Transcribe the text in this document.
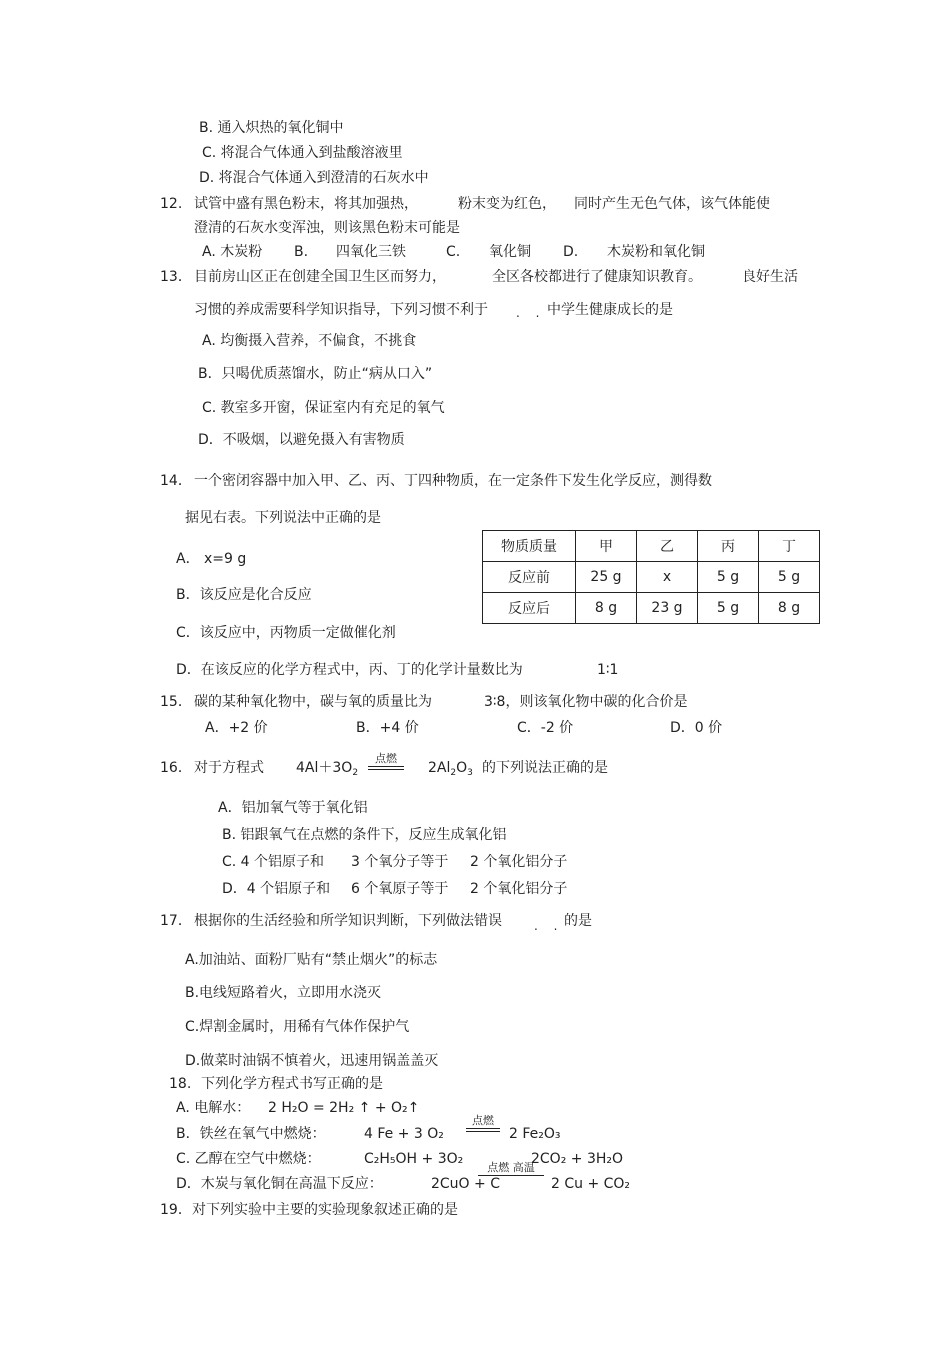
B. 通入炽热的氧化铜中
C. 将混合气体通入到盐酸溶液里
D. 将混合气体通入到澄清的石灰水中
12. 试管中盛有黑色粉末，将其加强热，	粉末变为红色， 同时产生无色气体，该气体能使
澄清的石灰水变浑浊，则该黑色粉末可能是
A. 木炭粉 B. 四氧化三铁	C. 氧化铜 D. 木炭粉和氧化铜
13． 目前房山区正在创建全国卫生区而努力，	全区各校都进行了健康知识教育。	良好生活
习惯的养成需要科学知识指导，下列习惯不利于 . . 中学生健康成长的是
A. 均衡摄入营养，不偏食，不挑食
B．只喝优质蒸馏水，防止“病从口入”
C. 教室多开窗，保证室内有充足的氧气
D．不吸烟，以避免摄入有害物质
14． 一个密闭容器中加入甲、乙、丙、丁四种物质，在一定条件下发生化学反应，测得数
据见右表。下列说法中正确的是
A． x=9 g
B．该反应是化合反应
C．该反应中，丙物质一定做催化剂
D．在该反应的化学方程式中，丙、丁的化学计量数比为	1∶1
物质质量	甲	乙	丙	丁
反应前	25 g	x	5 g	5 g
反应后	8 g	23 g	5 g	8 g
15． 碳的某种氧化物中，碳与氧的质量比为	3∶8，则该氧化物中碳的化合价是
A．+2 价	B．+4 价	C．-2 价	D．0 价
16． 对于方程式 $4Al+3O_2$
点燃
$2Al_2O_3$ 的下列说法正确的是
A．铝加氧气等于氧化铝
B. 铝跟氧气在点燃的条件下，反应生成氧化铝
C. 4 个铝原子和 3 个氧分子等于 2 个氧化铝分子
D．4 个铝原子和 6 个氧原子等于 2 个氧化铝分子
17． 根据你的生活经验和所学知识判断，下列做法错误	. . 的是
A.加油站、面粉厂贴有“禁止烟火”的标志
B.电线短路着火，立即用水浇灭
C.焊割金属时，用稀有气体作保护气
D.做菜时油锅不慎着火，迅速用锅盖盖灭
18. 下列化学方程式书写正确的是
A. 电解水： 2 H₂O = 2H₂ ↑ + O₂↑
B．铁丝在氧气中燃烧：	4 Fe + 3 O₂
点燃
2 Fe₂O₃
C. 乙醇在空气中燃烧：	C₂H₅OH + 3O₂	2CO₂ + 3H₂O
D．木炭与氧化铜在高温下反应：	2CuO + C
点燃 高温
2 Cu + CO₂
19． 对下列实验中主要的实验现象叙述正确的是
